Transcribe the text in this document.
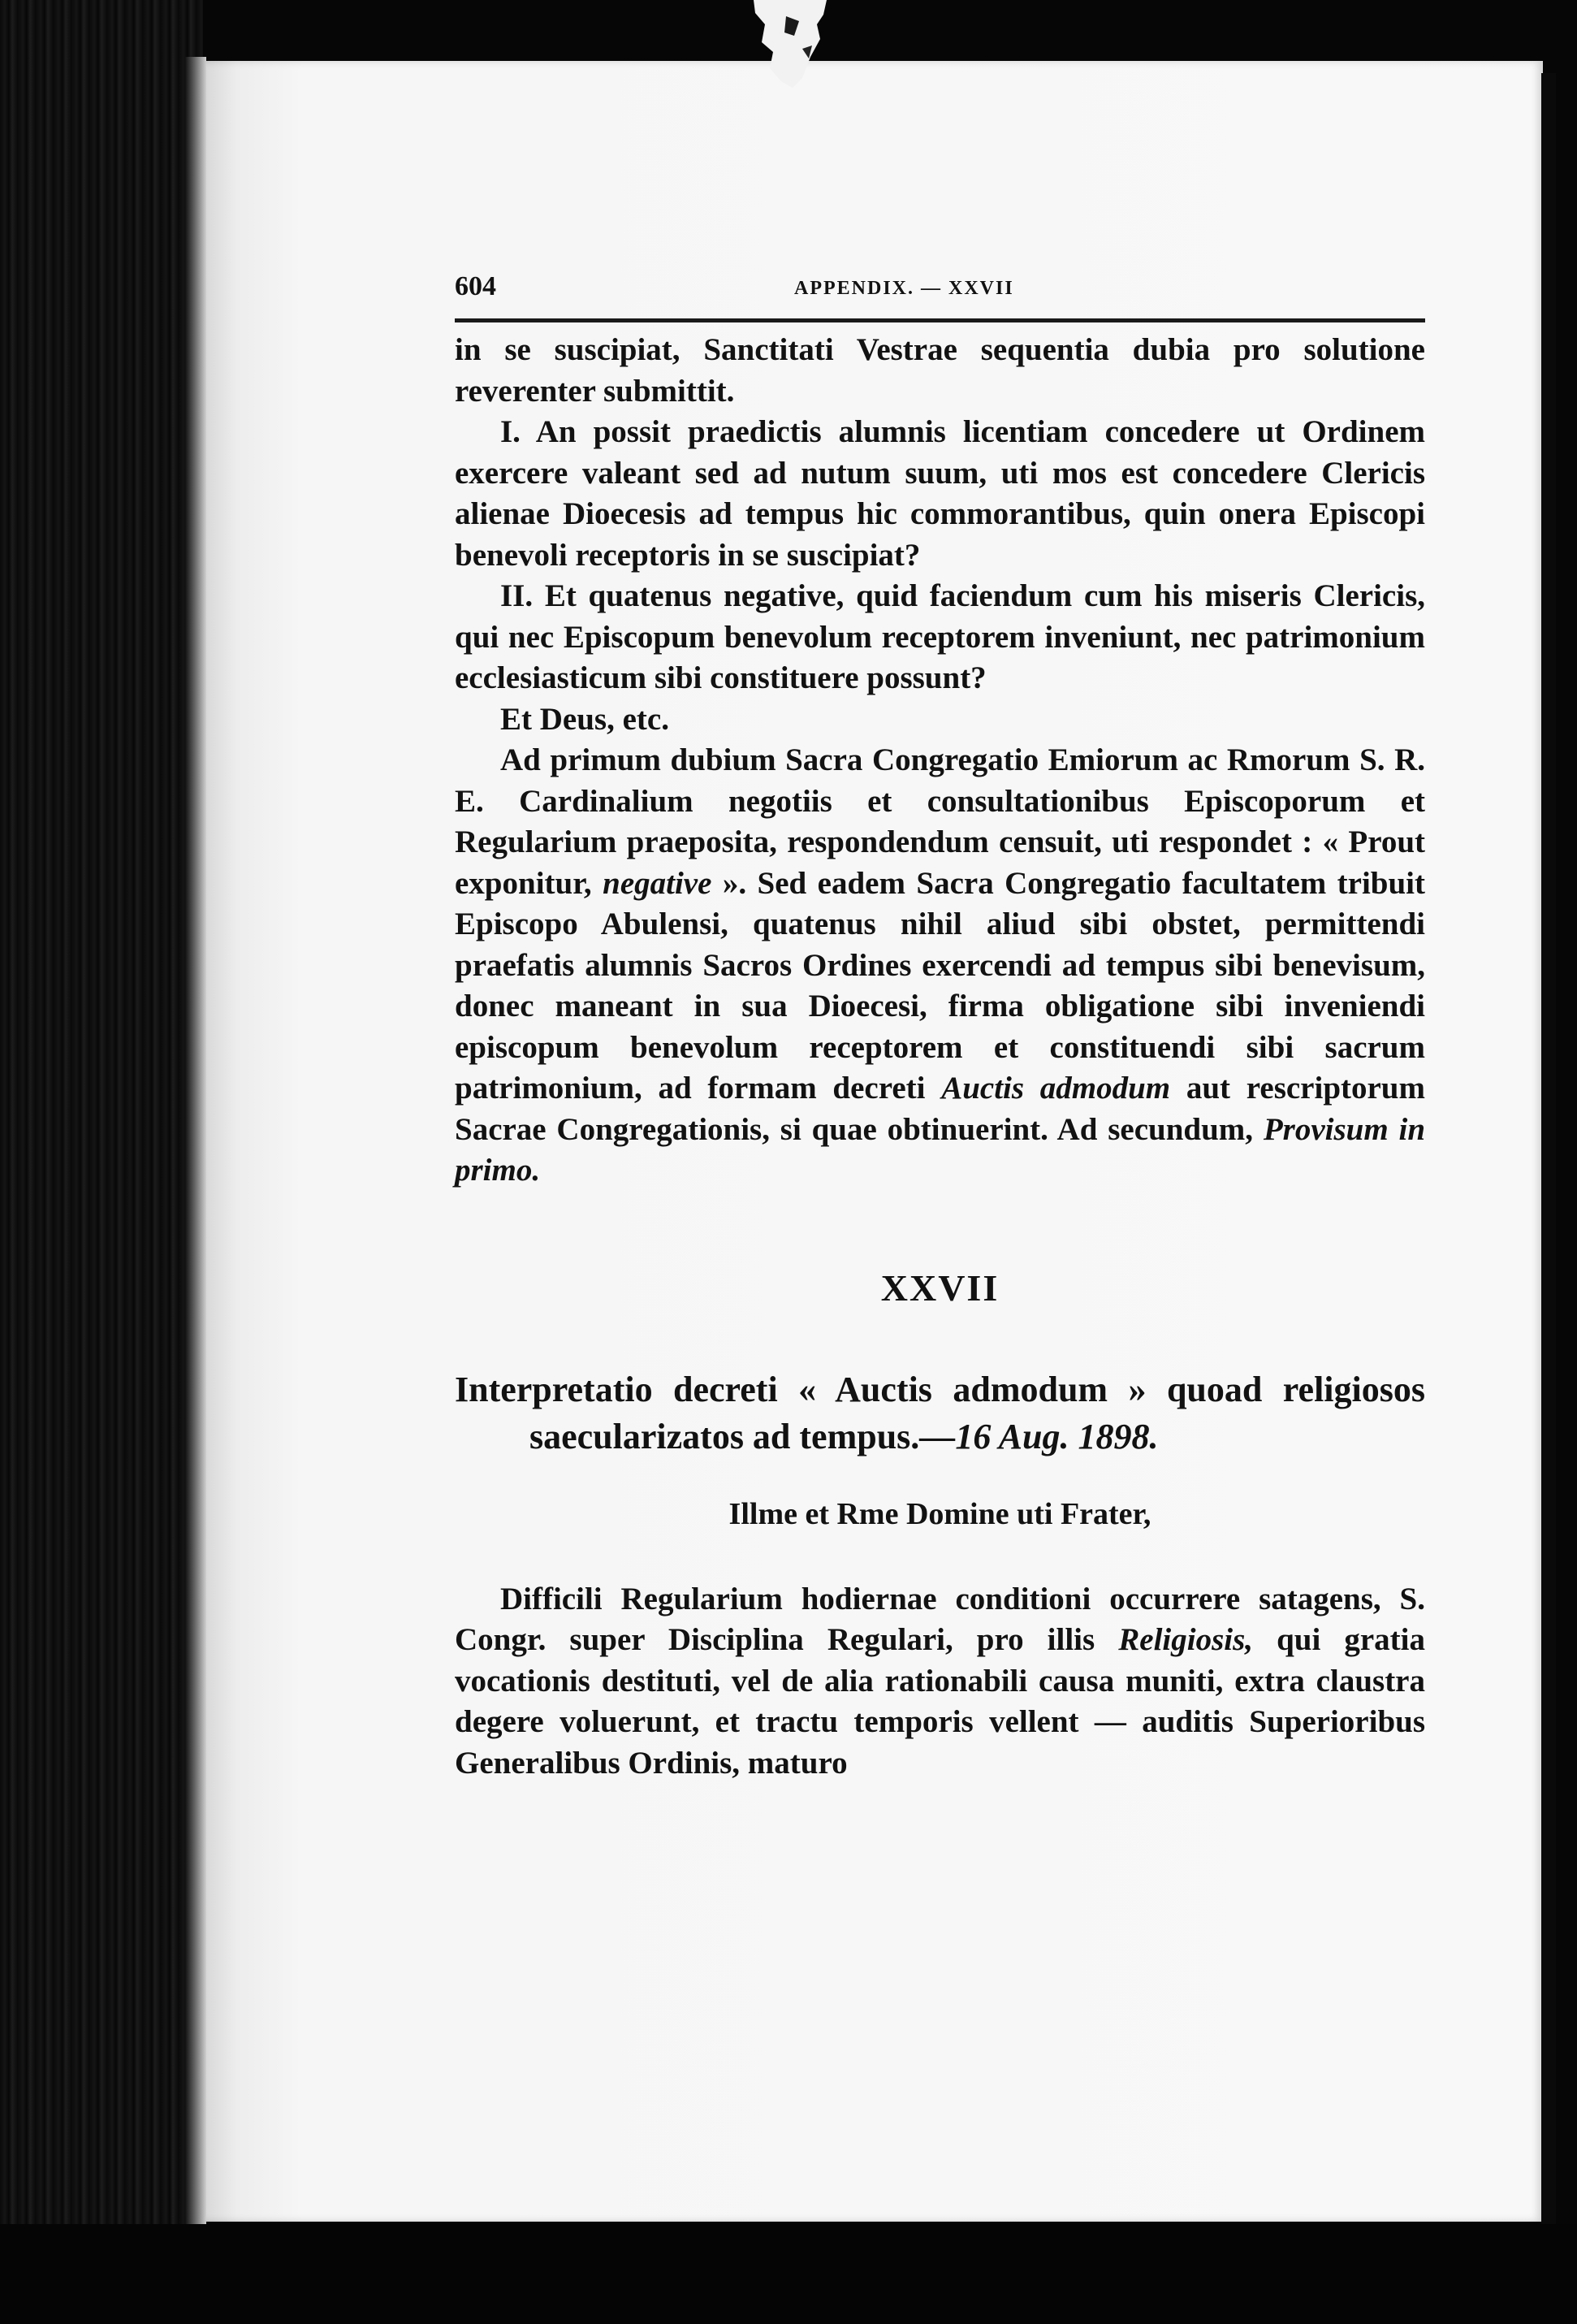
604	APPENDIX. — XXVII

in se suscipiat, Sanctitati Vestrae sequentia dubia pro solutione reverenter submittit.

I. An possit praedictis alumnis licentiam concedere ut Ordinem exercere valeant sed ad nutum suum, uti mos est concedere Clericis alienae Dioecesis ad tempus hic commorantibus, quin onera Episcopi benevoli receptoris in se suscipiat?

II. Et quatenus negative, quid faciendum cum his miseris Clericis, qui nec Episcopum benevolum receptorem inveniunt, nec patrimonium ecclesiasticum sibi constituere possunt?

Et Deus, etc.

Ad primum dubium Sacra Congregatio Emiorum ac Rmorum S. R. E. Cardinalium negotiis et consultationibus Episcoporum et Regularium praeposita, respondendum censuit, uti respondet : « Prout exponitur, negative ». Sed eadem Sacra Congregatio facultatem tribuit Episcopo Abulensi, quatenus nihil aliud sibi obstet, permittendi praefatis alumnis Sacros Ordines exercendi ad tempus sibi benevisum, donec maneant in sua Dioecesi, firma obligatione sibi inveniendi episcopum benevolum receptorem et constituendi sibi sacrum patrimonium, ad formam decreti Auctis admodum aut rescriptorum Sacrae Congregationis, si quae obtinuerint. Ad secundum, Provisum in primo.

XXVII

Interpretatio decreti « Auctis admodum » quoad religiosos saecularizatos ad tempus.—16 Aug. 1898.

Illme et Rme Domine uti Frater,

Difficili Regularium hodiernae conditioni occurrere satagens, S. Congr. super Disciplina Regulari, pro illis Religiosis, qui gratia vocationis destituti, vel de alia rationabili causa muniti, extra claustra degere voluerunt, et tractu temporis vellent — auditis Superioribus Generalibus Ordinis, maturo
